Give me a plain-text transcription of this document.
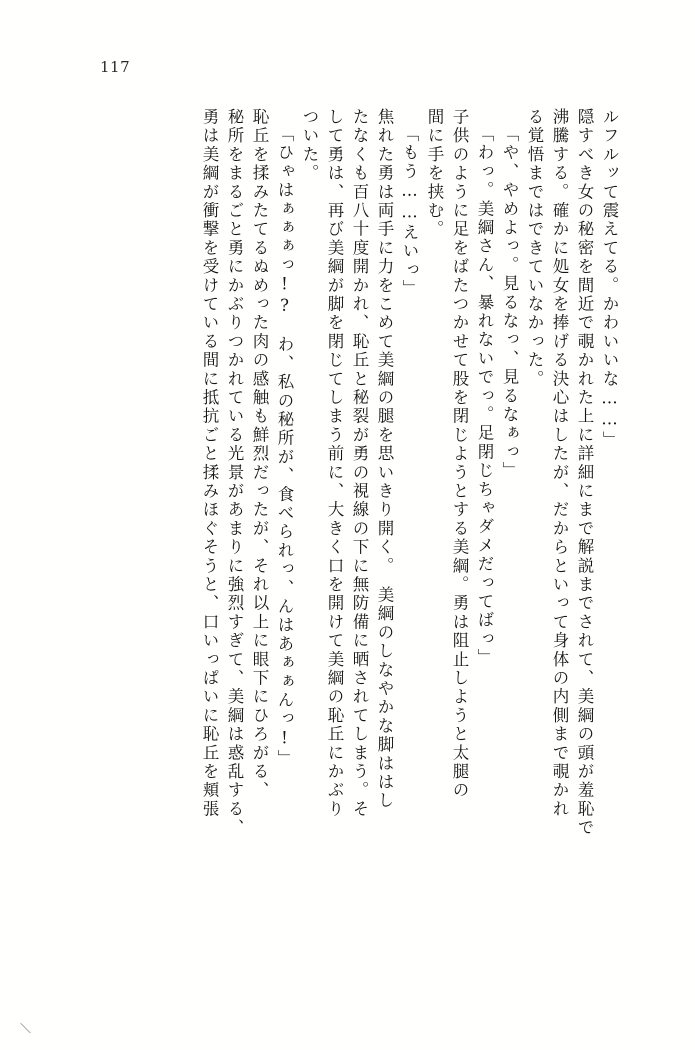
117
ルフルッて震えてる。かわいいな……」
隠すべき女の秘密を間近で覗かれた上に詳細にまで解説までされて、美綱の頭が羞恥で
沸騰する。確かに処女を捧げる決心はしたが、だからといって身体の内側まで覗かれ
る覚悟まではできていなかった。
「や、やめよっ。見るなっ、見るなぁっ」
「わっ。美綱さん、暴れないでっ。足閉じちゃダメだってばっ」
子供のように足をばたつかせて股を閉じようとする美綱。勇は阻止しようと太腿の
間に手を挟む。
「もう……えいっ」
焦れた勇は両手に力をこめて美綱の腿を思いきり開く。　美綱のしなやかな脚ははし
たなくも百八十度開かれ、恥丘と秘裂が勇の視線の下に無防備に晒されてしまう。そ
して勇は、再び美綱が脚を閉じてしまう前に、大きく口を開けて美綱の恥丘にかぶり
ついた。
「ひゃはぁぁぁっ!?　わ、私の秘所が、食べられっ、んはあぁぁんっ!」
恥丘を揉みたてるぬめった肉の感触も鮮烈だったが、それ以上に眼下にひろがる、
秘所をまるごと勇にかぶりつかれている光景があまりに強烈すぎて、美綱は惑乱する、
勇は美綱が衝撃を受けている間に抵抗ごと揉みほぐそうと、口いっぱいに恥丘を頬張
＼
